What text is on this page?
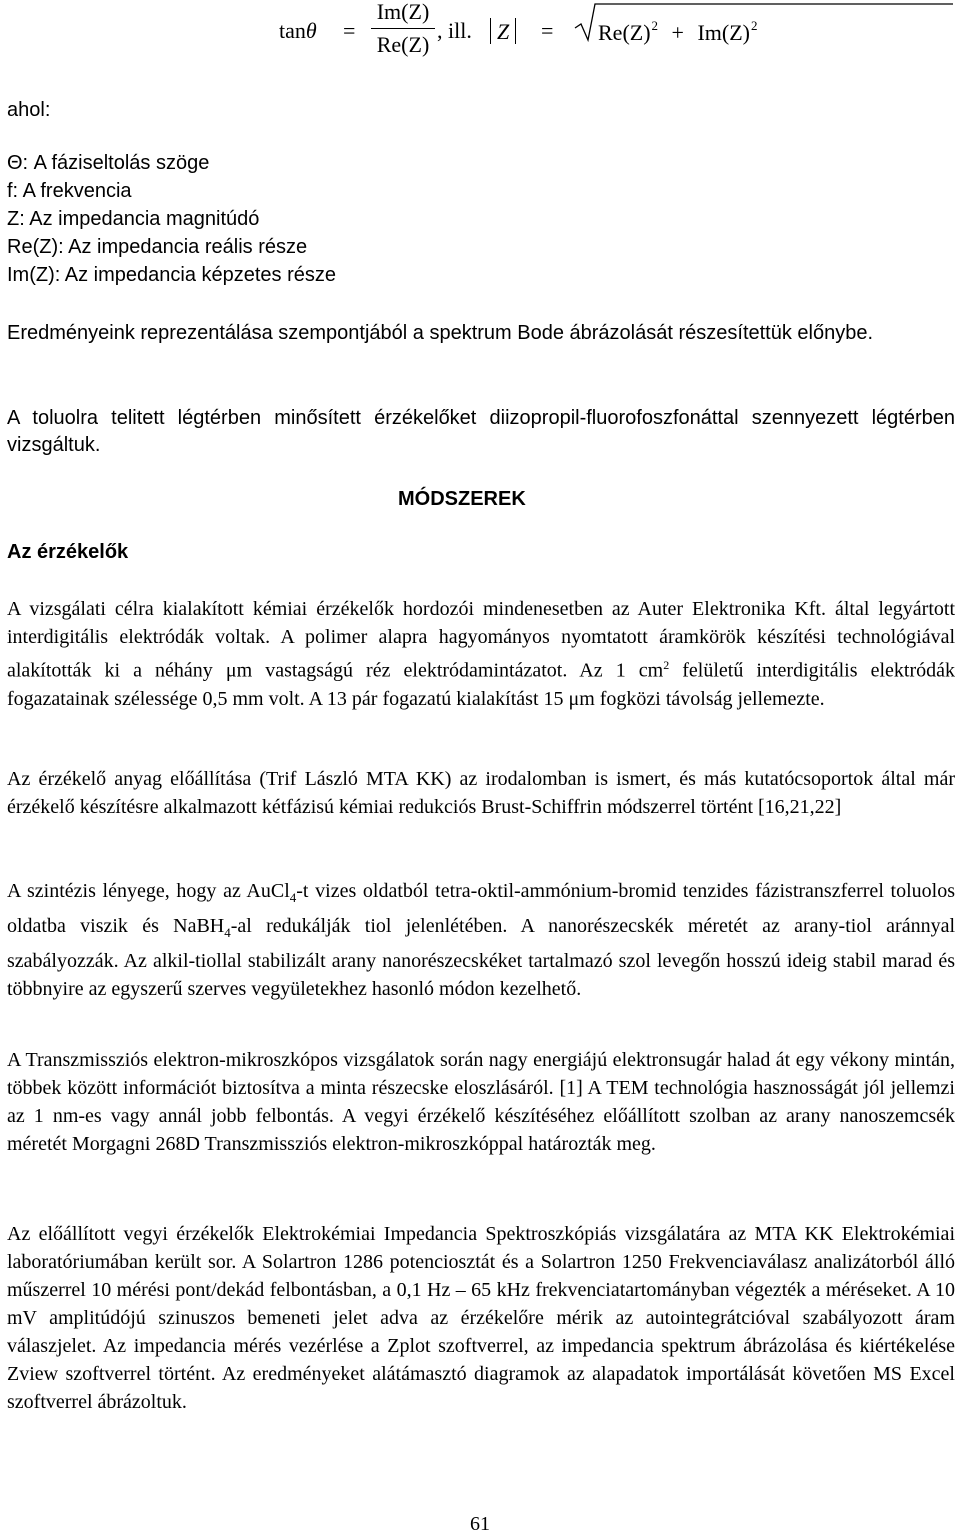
tanθ =
Im(Z)
Re(Z)
, ill.	Z	= $Re(Z)^2 + Im(Z)^2$
ahol:
Θ: A fáziseltolás szöge
f: A frekvencia
Z: Az impedancia magnitúdó
Re(Z): Az impedancia reális része
Im(Z): Az impedancia képzetes része

Eredményeink reprezentálása szempontjából a spektrum Bode ábrázolását részesítettük előnybe.

A toluolra telitett légtérben minősített érzékelőket diizopropil-fluorofoszfonáttal szennyezett légtérben vizsgáltuk.

MÓDSZEREK
Az érzékelők

A vizsgálati célra kialakított kémiai érzékelők hordozói mindenesetben az Auter Elektronika Kft. által legyártott interdigitális elektródák voltak. A polimer alapra hagyományos nyomtatott áramkörök készítési technológiával alakították ki a néhány μm vastagságú réz elektródamintázatot. Az 1 $cm^2$ felületű interdigitális elektródák fogazatainak szélessége 0,5 mm volt. A 13 pár fogazatú kialakítást 15 μm fogközi távolság jellemezte.

Az érzékelő anyag előállítása (Trif László MTA KK) az irodalomban is ismert, és más kutatócsoportok által már érzékelő készítésre alkalmazott kétfázisú kémiai redukciós Brust-Schiffrin módszerrel történt [16,21,22]

A szintézis lényege, hogy az AuCl$_4$-t vizes oldatból tetra-oktil-ammónium-bromid tenzides fázistranszferrel toluolos oldatba viszik és NaBH$_4$-al redukálják tiol jelenlétében. A nanorészecskék méretét az arany-tiol aránnyal szabályozzák. Az alkil-tiollal stabilizált arany nanorészecskéket tartalmazó szol levegőn hosszú ideig stabil marad és többnyire az egyszerű szerves vegyületekhez hasonló módon kezelhető.

A Transzmissziós elektron-mikroszkópos vizsgálatok során nagy energiájú elektronsugár halad át egy vékony mintán, többek között információt biztosítva a minta részecske eloszlásáról. [1] A TEM technológia hasznosságát jól jellemzi az 1 nm-es vagy annál jobb felbontás. A vegyi érzékelő készítéséhez előállított szolban az arany nanoszemcsék méretét Morgagni 268D Transzmissziós elektron-mikroszkóppal határozták meg.

Az előállított vegyi érzékelők Elektrokémiai Impedancia Spektroszkópiás vizsgálatára az MTA KK Elektrokémiai laboratóriumában került sor. A Solartron 1286 potenciosztát és a Solartron 1250 Frekvenciaválasz analizátorból álló műszerrel 10 mérési pont/dekád felbontásban, a 0,1 Hz – 65 kHz frekvenciatartományban végezték a méréseket. A 10 mV amplitúdójú szinuszos bemeneti jelet adva az érzékelőre mérik az autointegrátcióval szabályozott áram válaszjelet. Az impedancia mérés vezérlése a Zplot szoftverrel, az impedancia spektrum ábrázolása és kiértékelése Zview szoftverrel történt. Az eredményeket alátámasztó diagramok az alapadatok importálását követően MS Excel szoftverrel ábrázoltuk.

61
